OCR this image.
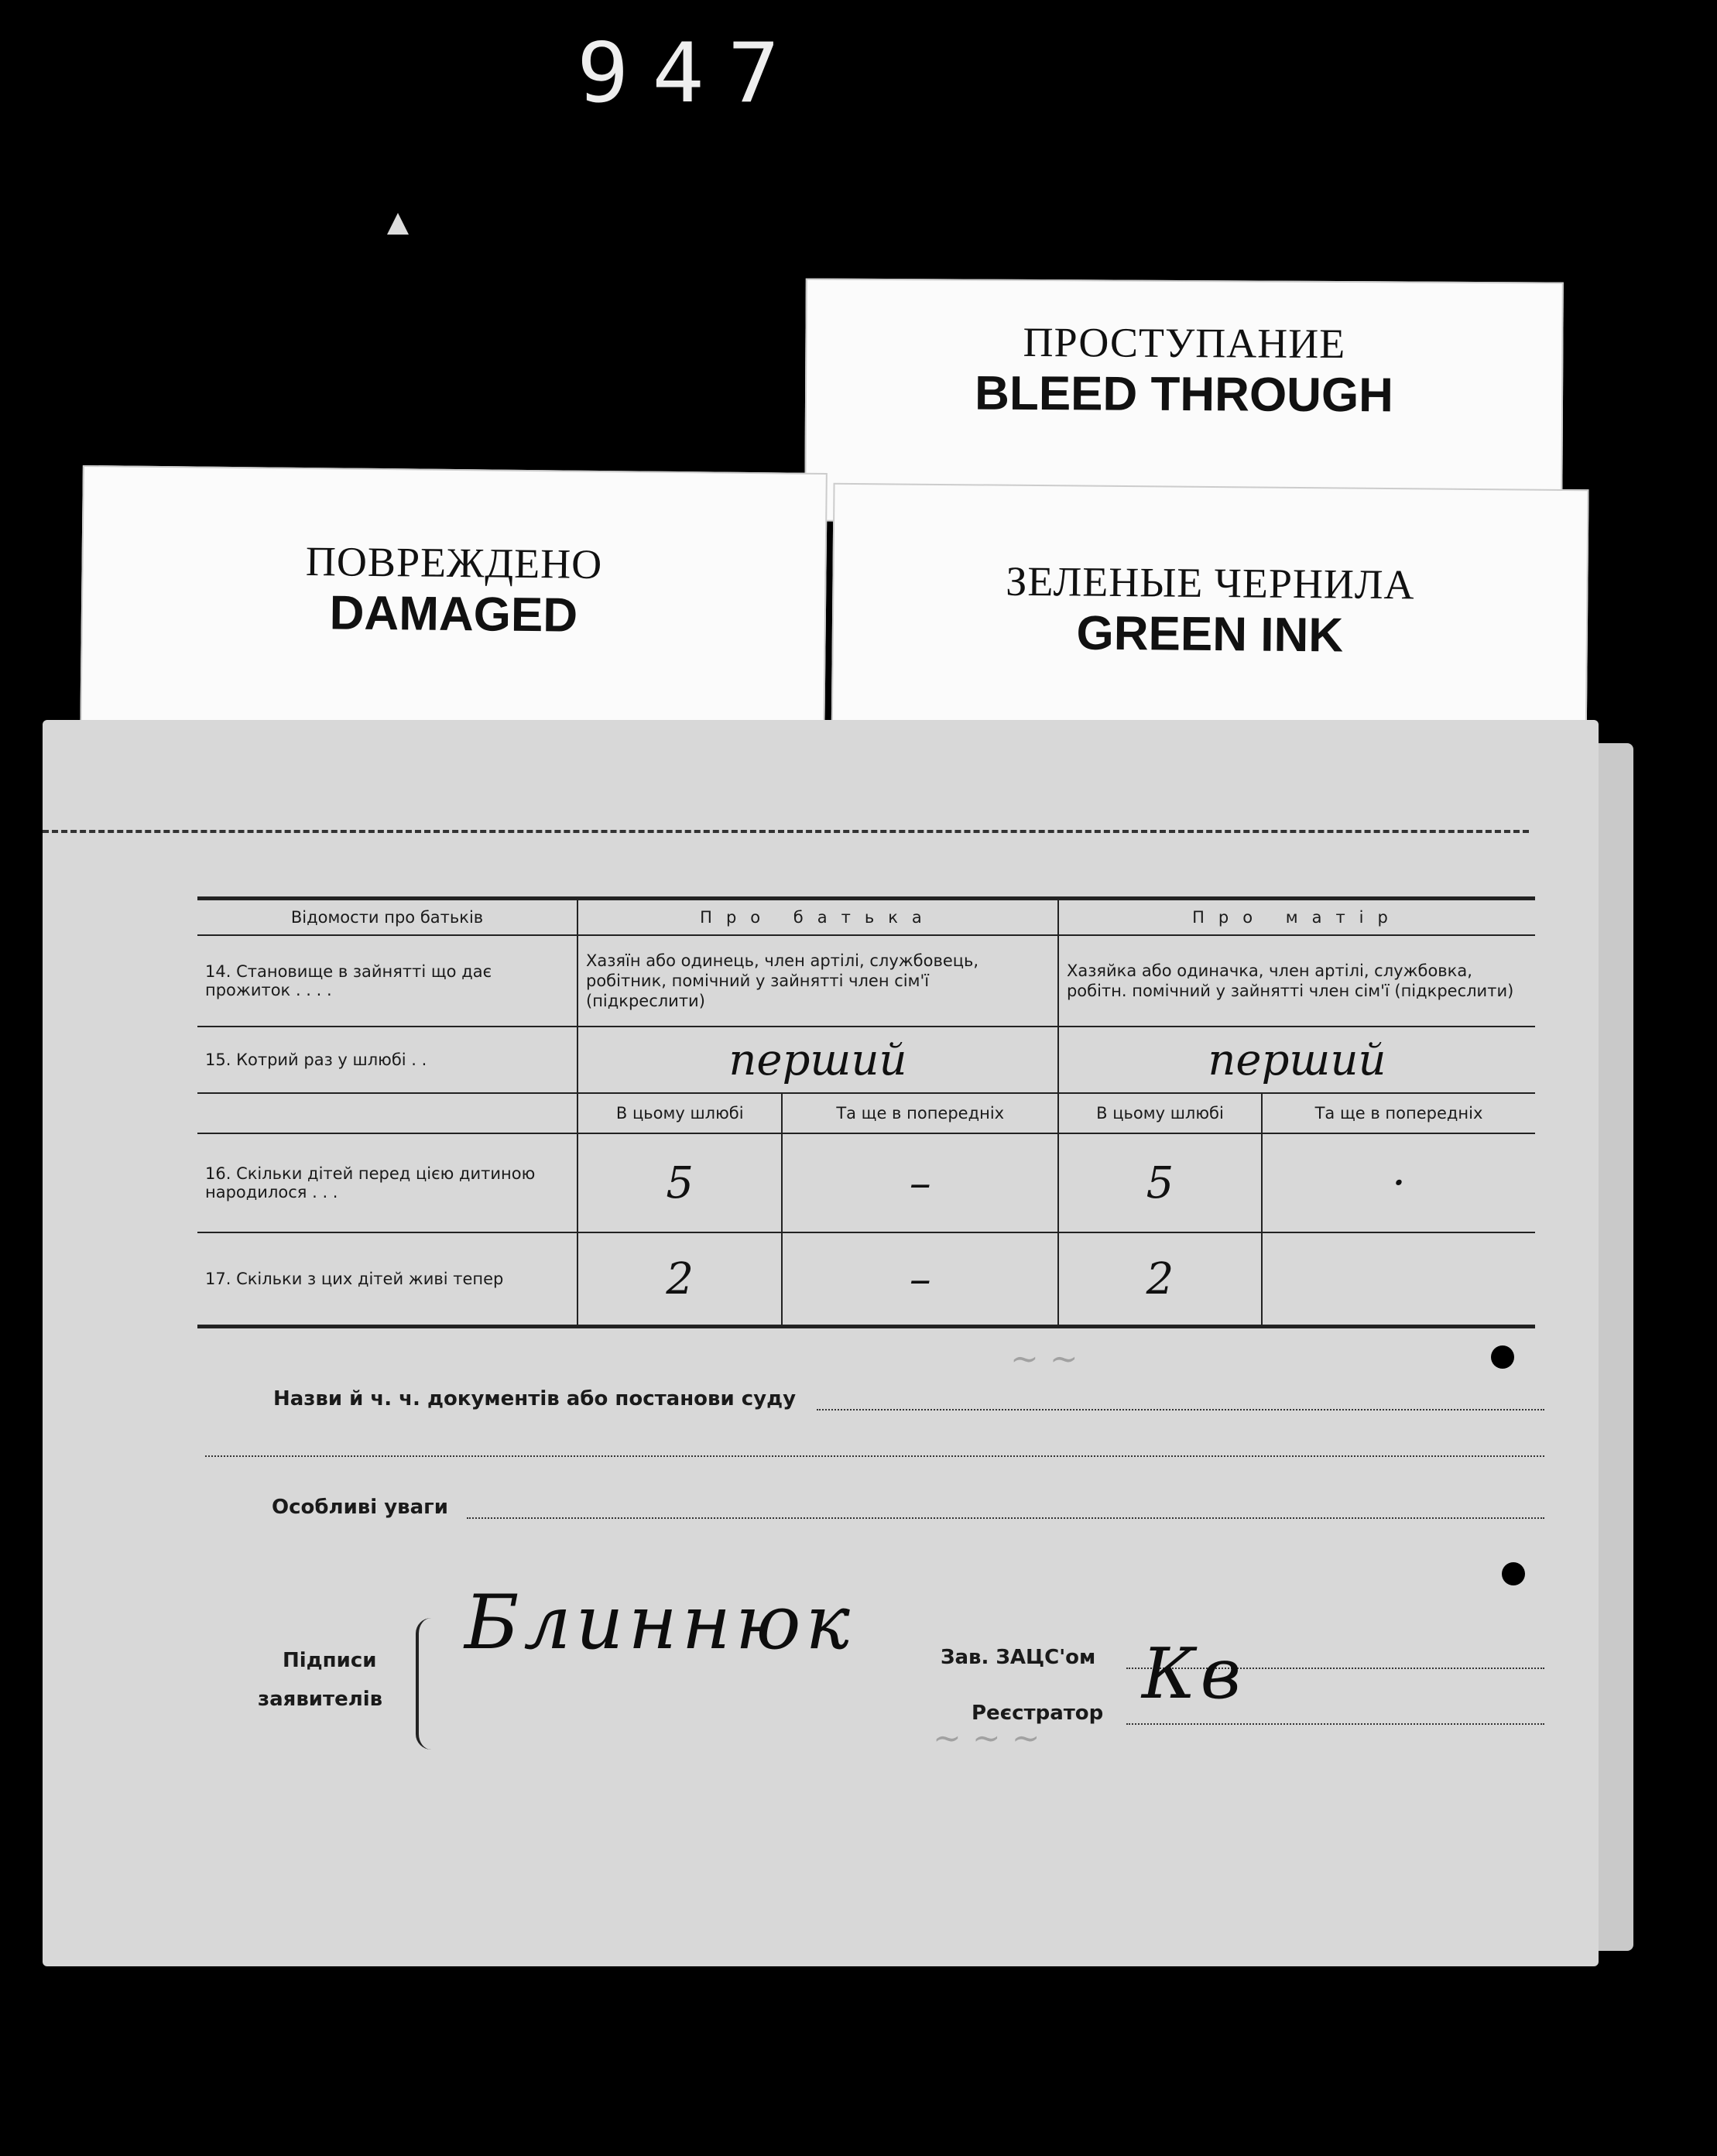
947
ПРОСТУПАНИЕ
BLEED THROUGH
ПОВРЕЖДЕНО
DAMAGED
ЗЕЛЕНЫЕ ЧЕРНИЛА
GREEN INK
~ ~
~ ~ ~
Відомости про батьків	Про батька		Про матір	
14. Становище в зайнятті що дає прожиток . . . .	Хазяїн або одинець, член артілі, службовець, робітник, помічний у зайнятті член сім'ї (підкреслити)		Хазяйка або одиначка, член артілі, службовка, робітн. помічний у зайнятті член сім'ї (підкреслити)	
15. Котрий раз у шлюбі . .	перший		перший	
	В цьому шлюбі	Та ще в попередніх	В цьому шлюбі	Та ще в попередніх
16. Скільки дітей перед цією дитиною народилося . . .	5	–	5	·
17. Скільки з цих дітей живі тепер	2	–	2	
Назви й ч. ч. документів або постанови суду
Особливі уваги
Підписи
заявителів
Блиннюк	Зав. ЗАЦС'ом
Реєстратор Кв
